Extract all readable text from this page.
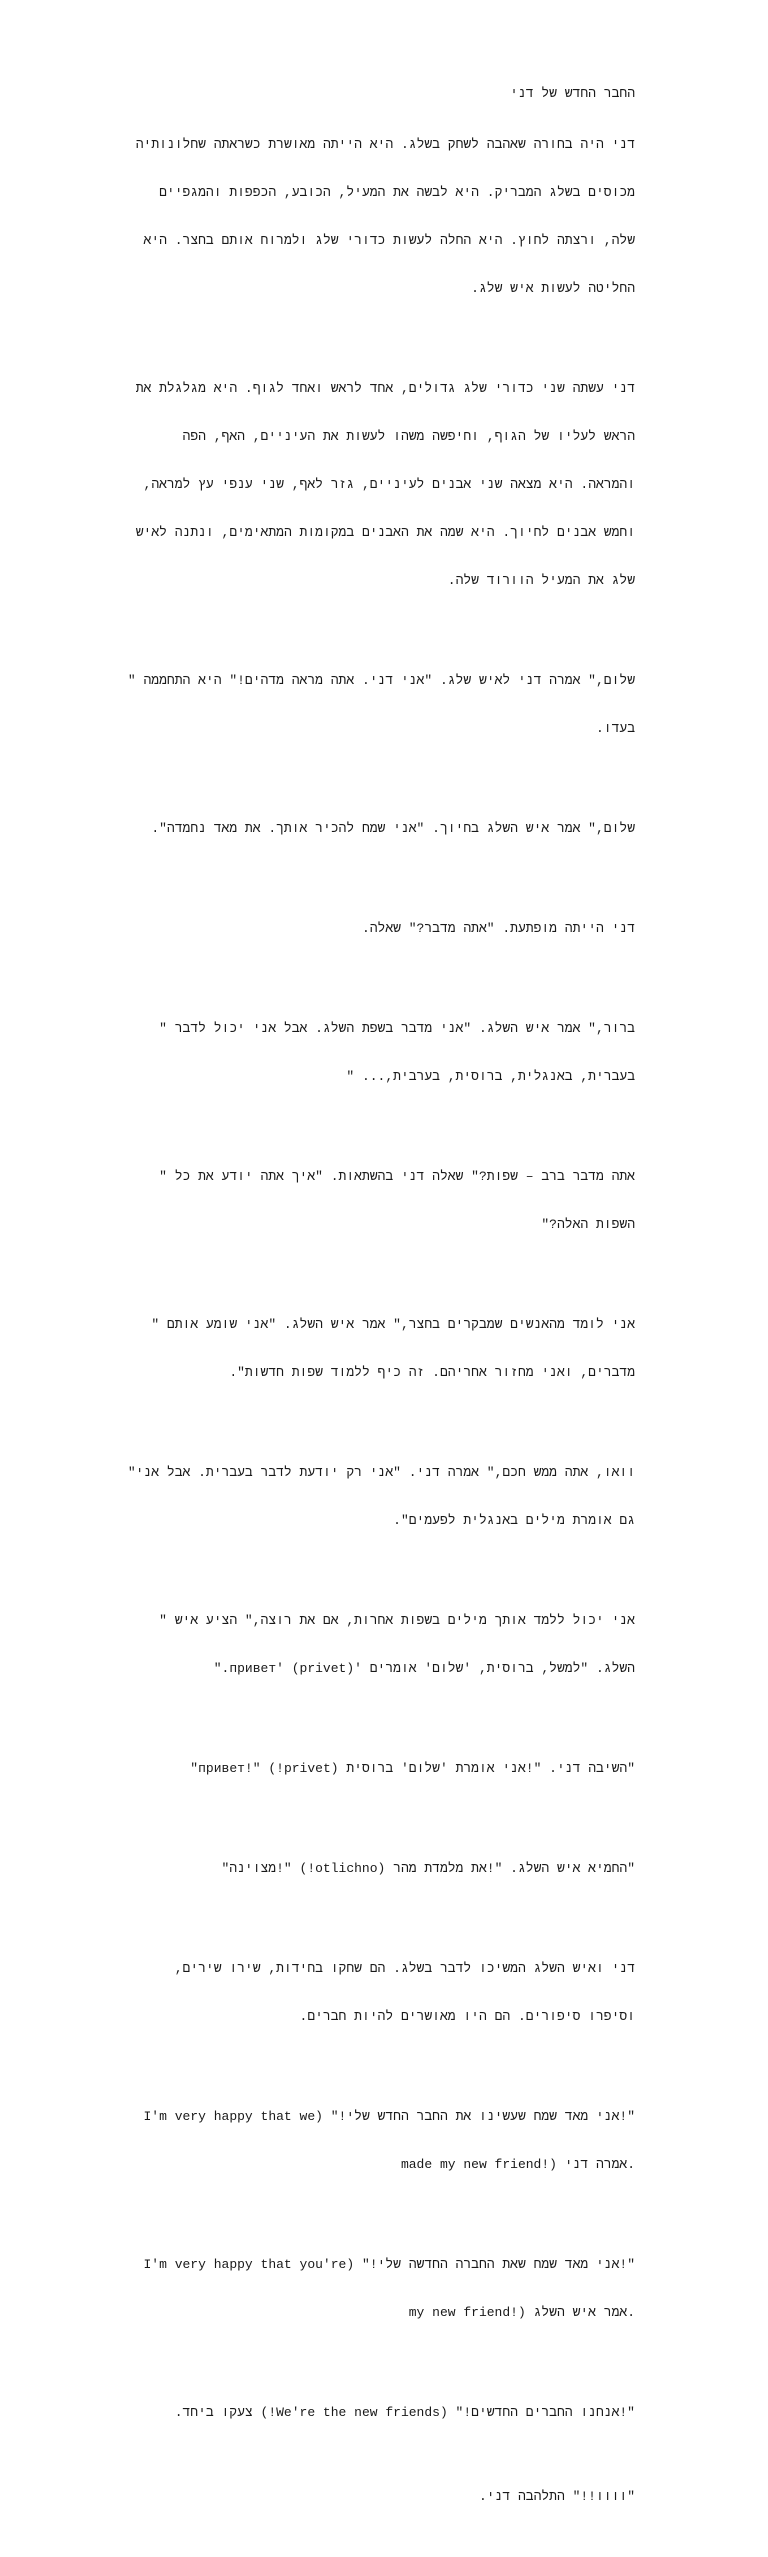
החבר החדש של דני

דני היה בחורה שאהבה לשחק בשלג. היא הייתה מאושרת כשראתה שחלונותיה

מכוסים בשלג המבריק. היא לבשה את המעיל, הכובע, הכפפות והמגפיים

שלה, ורצתה לחוץ. היא החלה לעשות כדורי שלג ולמרוח אותם בחצר. היא

החליטה לעשות איש שלג.

דני עשתה שני כדורי שלג גדולים, אחד לראש ואחד לגוף. היא מגלגלת את

הראש לעליו של הגוף, וחיפשה משהו לעשות את העיניים, האף, הפה

והמראה. היא מצאה שני אבנים לעיניים, גזר לאף, שני ענפי עץ למראה,

וחמש אבנים לחיוך. היא שמה את האבנים במקומות המתאימים, ונתנה לאיש

שלג את המעיל הוורוד שלה.

שלום," אמרה דני לאיש שלג. "אני דני. אתה מראה מדהים!" היא התחממה "

בעדו.

שלום," אמר איש השלג בחיוך. "אני שמח להכיר אותך. את מאד נחמדה".

דני הייתה מופתעת. "אתה מדבר?" שאלה.

ברור," אמר איש השלג. "אני מדבר בשפת השלג. אבל אני יכול לדבר "

בעברית, באנגלית, ברוסית, בערבית,... "

אתה מדבר ברב – שפות?" שאלה דני בהשתאות. "איך אתה יודע את כל "

השפות האלה?"

אני לומד מהאנשים שמבקרים בחצר," אמר איש השלג. "אני שומע אותם "

מדברים, ואני מחזור אחריהם. זה כיף ללמוד שפות חדשות".

וואו, אתה ממש חכם," אמרה דני. "אני רק יודעת לדבר בעברית. אבל אני"

גם אומרת מילים באנגלית לפעמים".

אני יכול ללמד אותך מילים בשפות אחרות, אם את רוצה," הציע איש "

השלג. "למשל, ברוסית, 'שלום' אומרים 'привет' (privet)."

"השיבה דני. "!אני אומרת 'שלום' ברוסית (privet!) "!привет"

"החמיא איש השלג. "!את מלמדת מהר (otlichno!) "!מצוינה"

דני ואיש השלג המשיכו לדבר בשלג. הם שחקו בחידות, שירו שירים,

וסיפרו סיפורים. הם היו מאושרים להיות חברים.

"!אני מאד שמח שעשינו את החבר החדש שלי!" (I'm very happy that we

made my new friend!) אמרה דני.

"!אני מאד שמח שאת החברה החדשה שלי!" (I'm very happy that you're

my new friend!) אמר איש השלג.

"!אנחנו החברים החדשים!" (We're the new friends!) צעקו ביחד.

"וווו!!" התלהבה דני.
